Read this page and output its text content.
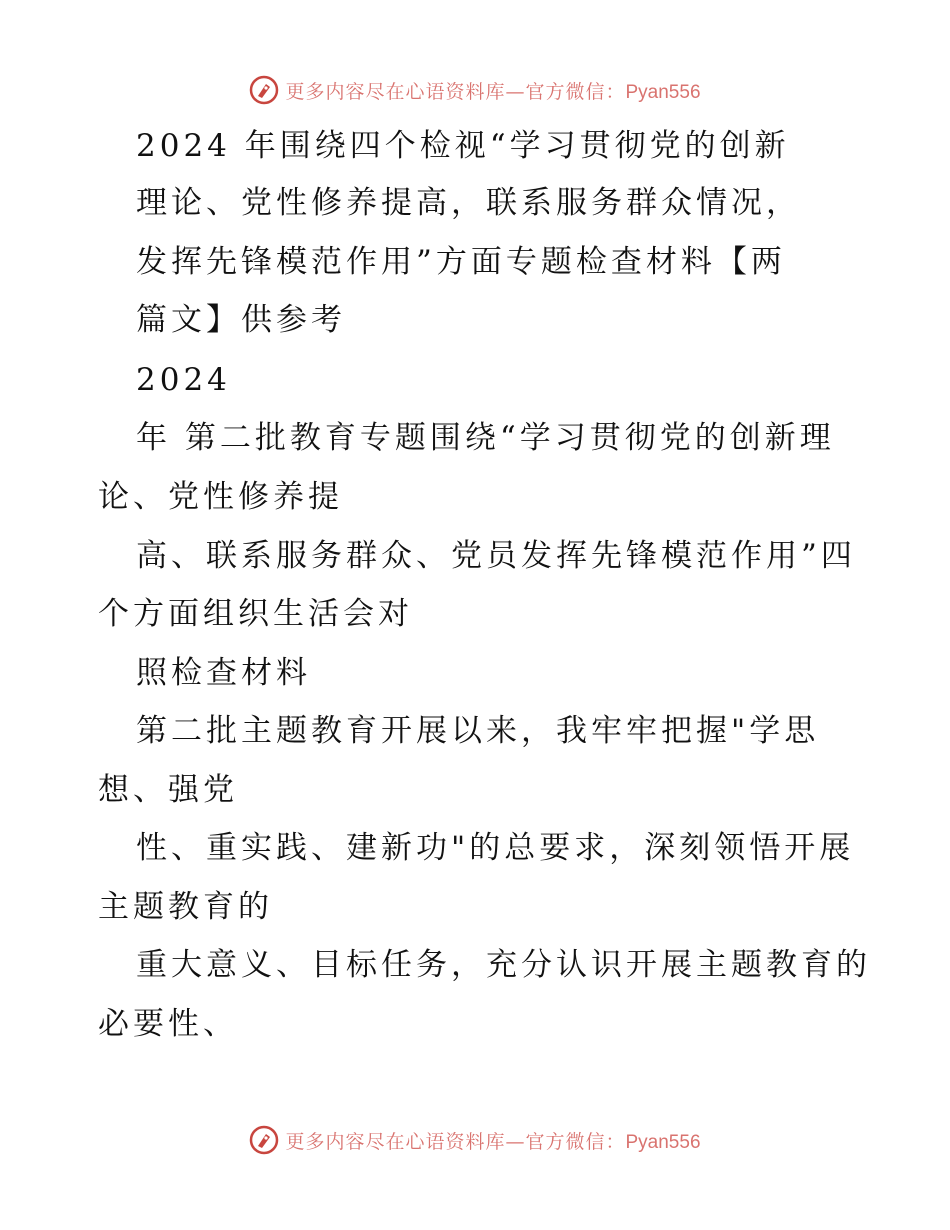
更多内容尽在心语资料库—官方微信：Pyan556
2024 年围绕四个检视“学习贯彻党的创新
理论、党性修养提高，联系服务群众情况，
发挥先锋模范作用”方面专题检查材料【两
篇文】供参考
2024
年 第二批教育专题围绕“学习贯彻党的创新理
论、党性修养提
高、联系服务群众、党员发挥先锋模范作用”四
个方面组织生活会对
照检查材料
第二批主题教育开展以来，我牢牢把握"学思
想、强党
性、重实践、建新功"的总要求，深刻领悟开展
主题教育的
重大意义、目标任务，充分认识开展主题教育的
必要性、
更多内容尽在心语资料库—官方微信：Pyan556
